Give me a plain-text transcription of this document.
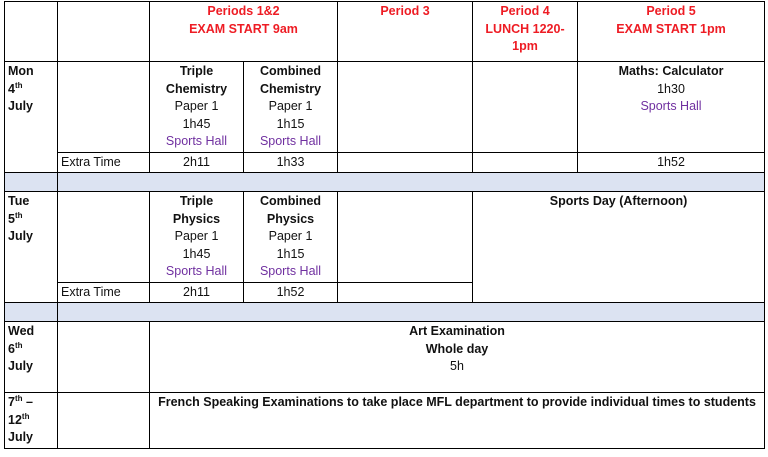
		Periods 1&2
EXAM START 9am		Period 3	Period 4
LUNCH 1220-
1pm	Period 5
EXAM START 1pm

Mon
4th
July		Triple
Chemistry
Paper 1
1h45
Sports Hall	Combined
Chemistry
Paper 1
1h15
Sports Hall			Maths: Calculator
1h30
Sports Hall

	Extra Time	2h11	1h33			1h52

Tue
5th
July		Triple
Physics
Paper 1
1h45
Sports Hall	Combined
Physics
Paper 1
1h15
Sports Hall		Sports Day (Afternoon)	

	Extra Time	2h11	1h52			

Wed
6th
July		Art Examination
Whole day
5h				

7th –
12th
July		French Speaking Examinations to take place MFL department to provide individual times to students				
